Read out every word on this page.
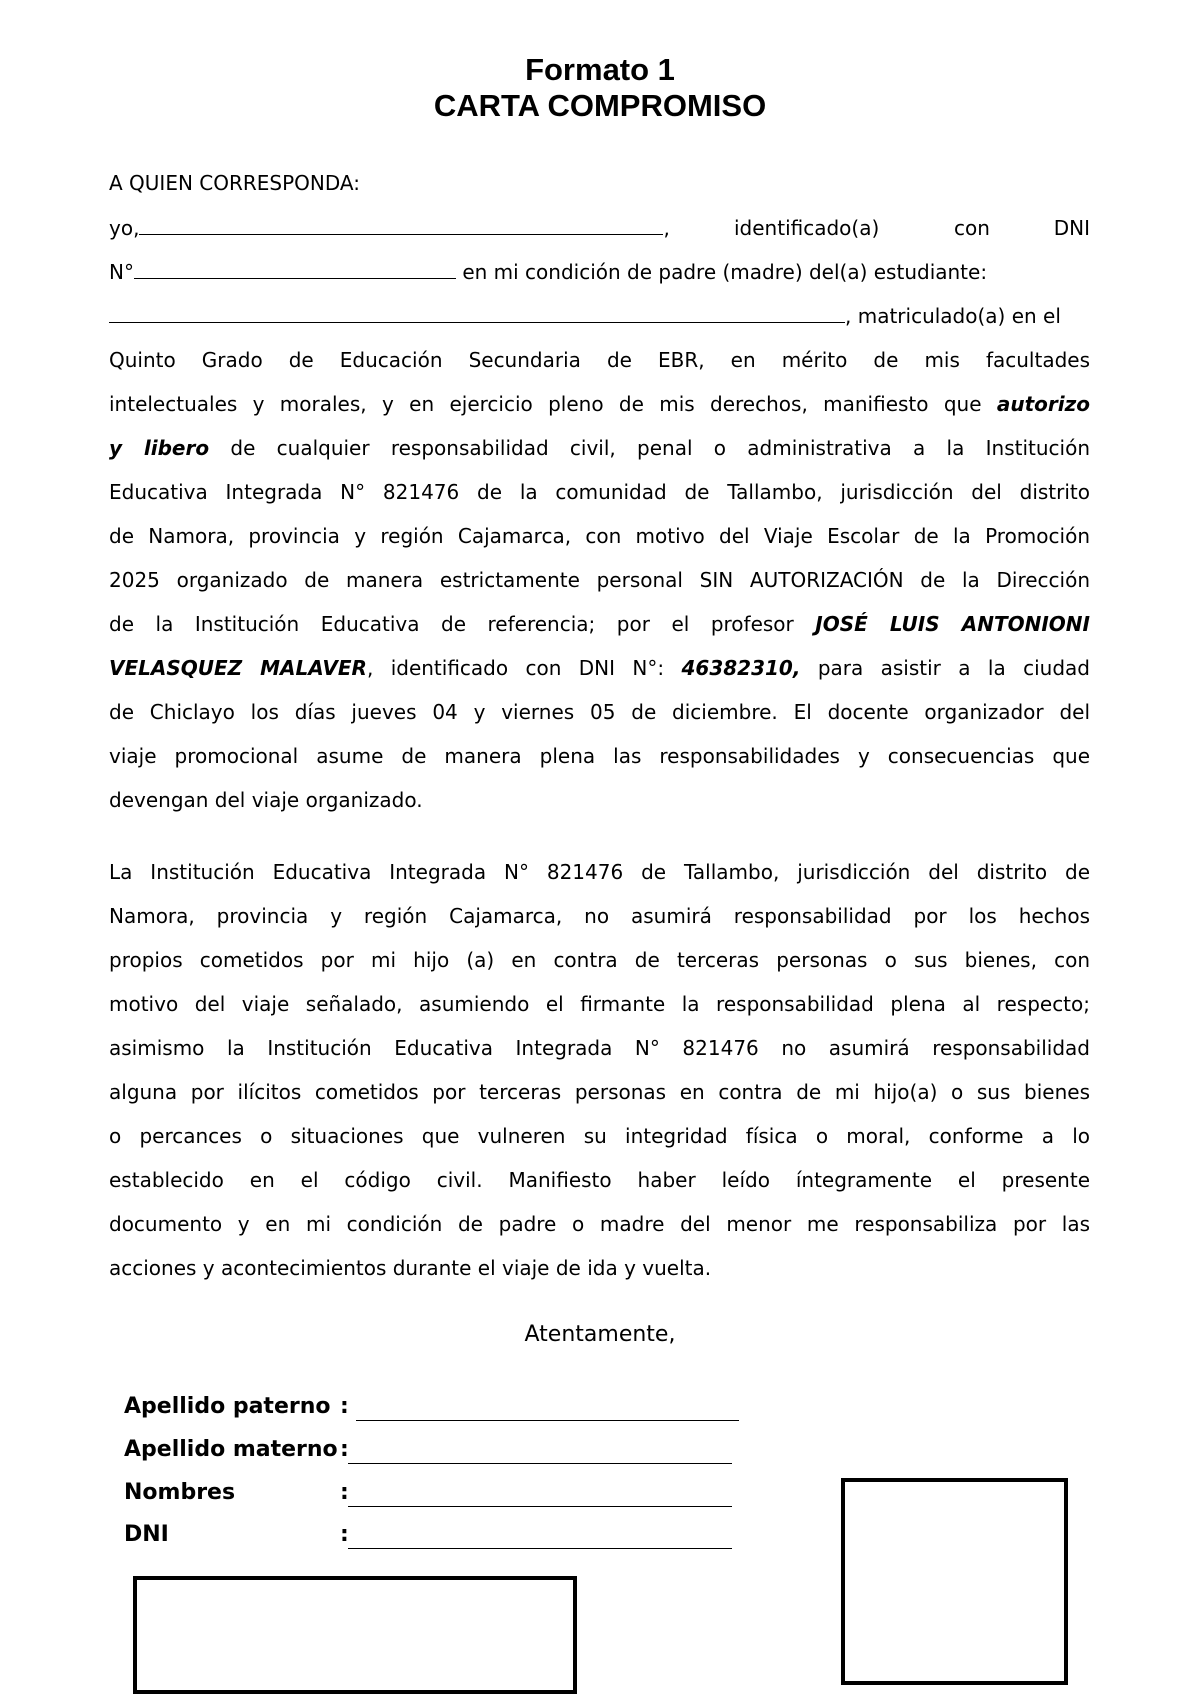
Formato 1
CARTA COMPROMISO
A QUIEN CORRESPONDA:
yo,	,	identificado(a)	con	DNI
N°	en mi condición de padre (madre) del(a) estudiante:
, matriculado(a) en el
Quinto Grado de Educación Secundaria de EBR, en mérito de mis facultades
intelectuales y morales, y en ejercicio pleno de mis derechos, manifiesto que autorizo
y libero de cualquier responsabilidad civil, penal o administrativa a la Institución
Educativa Integrada N° 821476 de la comunidad de Tallambo, jurisdicción del distrito
de Namora, provincia y región Cajamarca, con motivo del Viaje Escolar de la Promoción
2025 organizado de manera estrictamente personal SIN AUTORIZACIÓN de la Dirección
de la Institución Educativa de referencia; por el profesor JOSÉ LUIS ANTONIONI
VELASQUEZ MALAVER, identificado con DNI N°: 46382310, para asistir a la ciudad
de Chiclayo los días jueves 04 y viernes 05 de diciembre. El docente organizador del
viaje promocional asume de manera plena las responsabilidades y consecuencias que
devengan del viaje organizado.
La Institución Educativa Integrada N° 821476 de Tallambo, jurisdicción del distrito de
Namora, provincia y región Cajamarca, no asumirá responsabilidad por los hechos
propios cometidos por mi hijo (a) en contra de terceras personas o sus bienes, con
motivo del viaje señalado, asumiendo el firmante la responsabilidad plena al respecto;
asimismo la Institución Educativa Integrada N° 821476 no asumirá responsabilidad
alguna por ilícitos cometidos por terceras personas en contra de mi hijo(a) o sus bienes
o percances o situaciones que vulneren su integridad física o moral, conforme a lo
establecido en el código civil. Manifiesto haber leído íntegramente el presente
documento y en mi condición de padre o madre del menor me responsabiliza por las
acciones y acontecimientos durante el viaje de ida y vuelta.
Atentamente,
Apellido paterno :
Apellido materno :
Nombres	:
DNI	:
